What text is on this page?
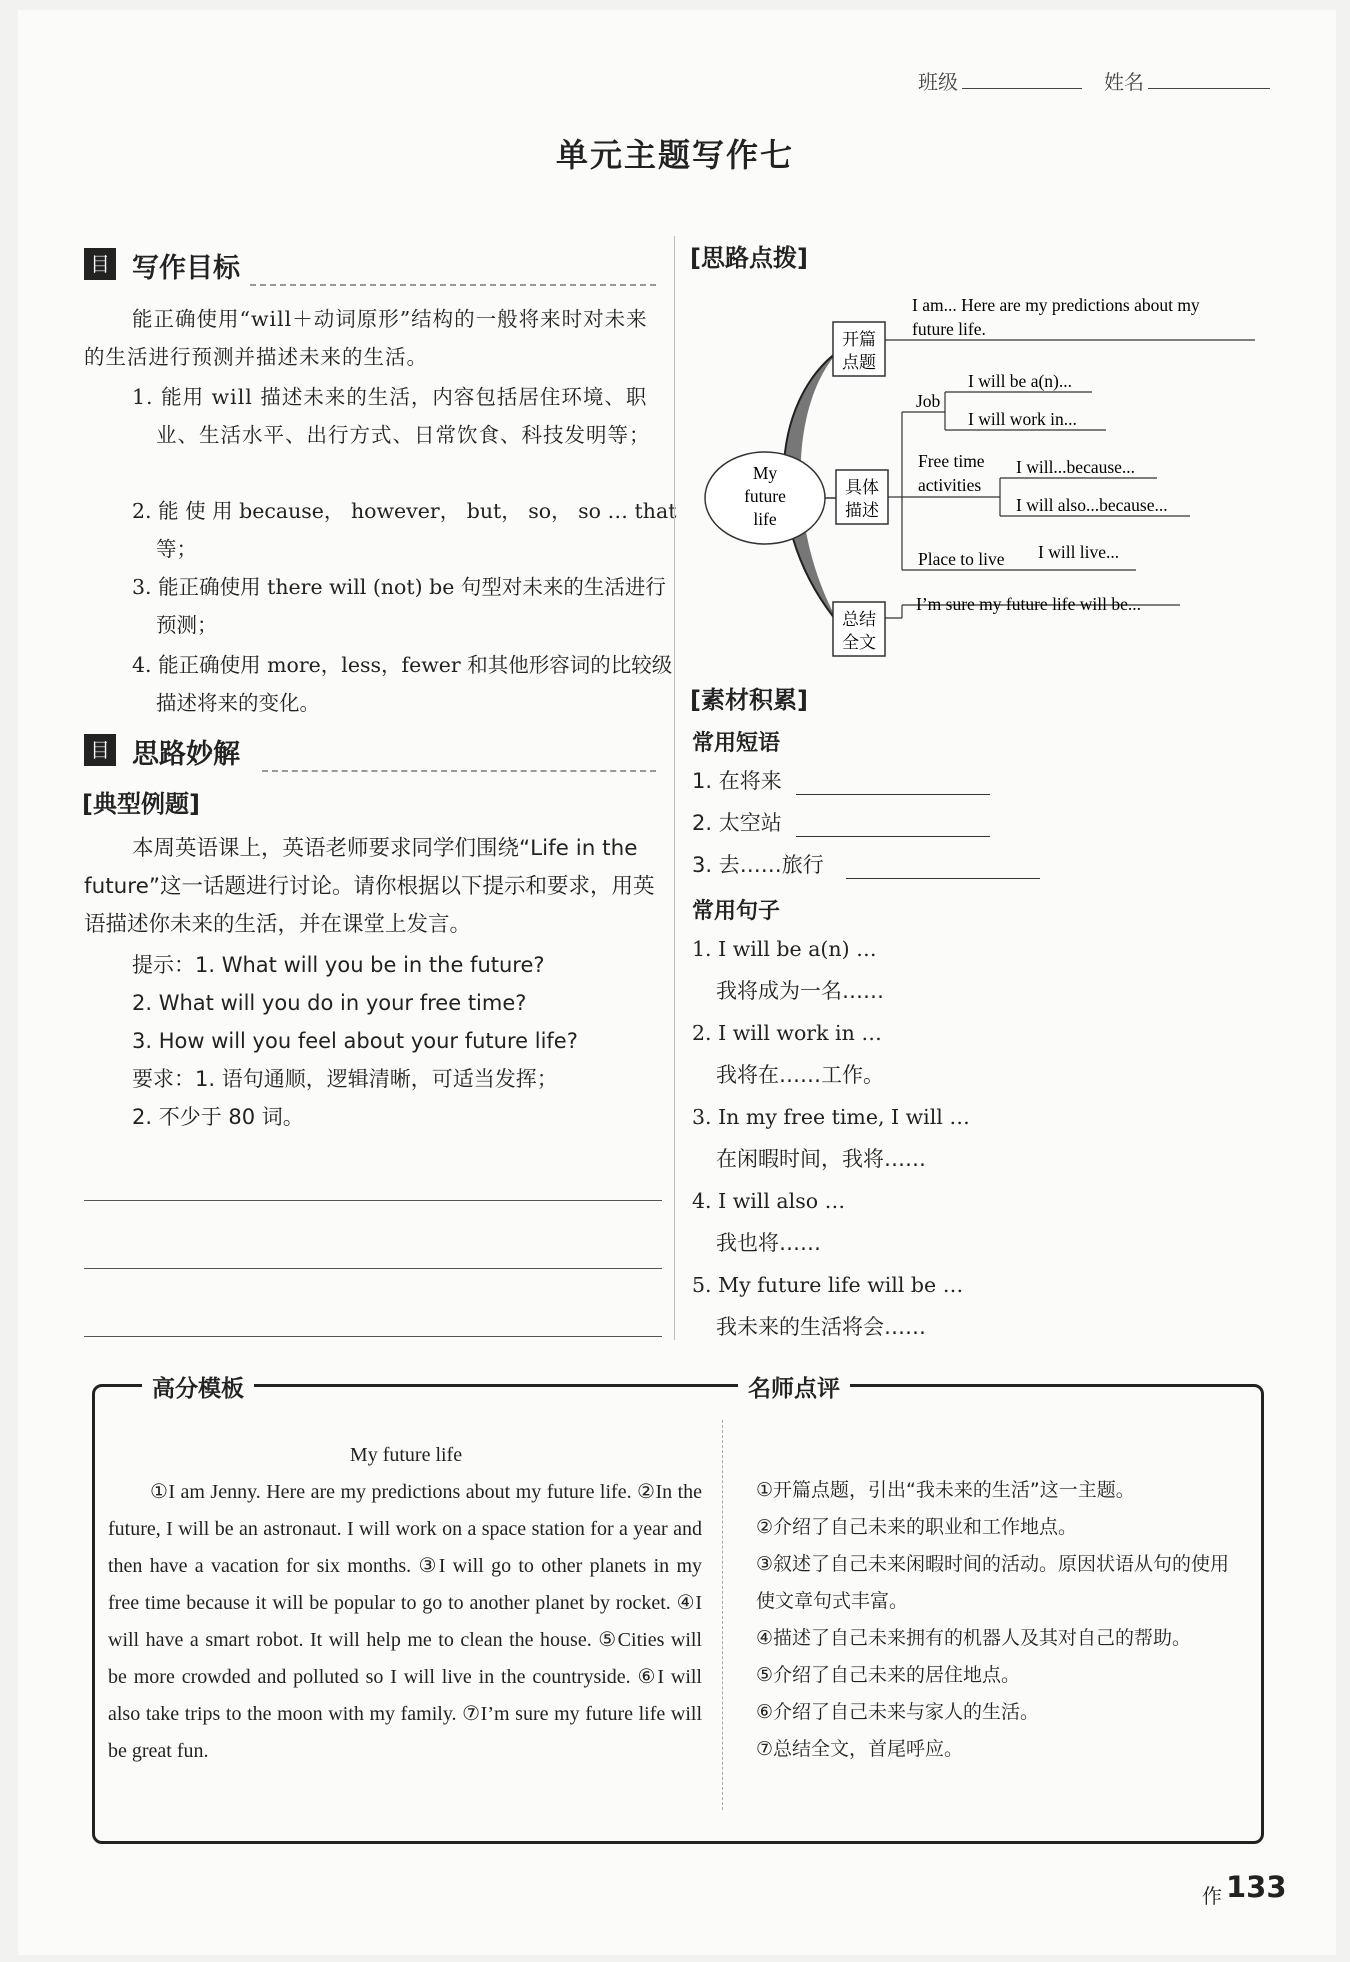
班级	姓名
单元主题写作七
目 写作目标
能正确使用“will＋动词原形”结构的一般将来时对未来的生活进行预测并描述未来的生活。
1. 能用 will 描述未来的生活，内容包括居住环境、职业、生活水平、出行方式、日常饮食、科技发明等；
2. 能 使 用 because， however， but， so， so … that 等；
3. 能正确使用 there will (not) be 句型对未来的生活进行预测；
4. 能正确使用 more，less，fewer 和其他形容词的比较级描述将来的变化。
目 思路妙解
[典型例题]
本周英语课上，英语老师要求同学们围绕“Life in the future”这一话题进行讨论。请你根据以下提示和要求，用英语描述你未来的生活，并在课堂上发言。
提示：1. What will you be in the future?
2. What will you do in your free time?
3. How will you feel about your future life?
要求：1. 语句通顺，逻辑清晰，可适当发挥；
2. 不少于 80 词。
[思路点拨]
My
future
life
开篇
点题
具体
描述
总结
全文
I am... Here are my predictions about my
future life.
Job
I will be a(n)...
I will work in...
Free time
activities
I will...because...
I will also...because...
Place to live I will live...
I’m sure my future life will be...
[素材积累]
常用短语
1. 在将来
2. 太空站
3. 去……旅行
常用句子
1. I will be a(n) …
我将成为一名……
2. I will work in …
我将在……工作。
3. In my free time, I will …
在闲暇时间，我将……
4. I will also …
我也将……
5. My future life will be …
我未来的生活将会……
高分模板	名师点评
My future life
①I am Jenny. Here are my predictions about my future life. ②In the future, I will be an astronaut. I will work on a space station for a year and then have a vacation for six months. ③I will go to other planets in my free time because it will be popular to go to another planet by rocket. ④I will have a smart robot. It will help me to clean the house. ⑤Cities will be more crowded and polluted so I will live in the countryside. ⑥I will also take trips to the moon with my family. ⑦I’m sure my future life will be great fun.
①开篇点题，引出“我未来的生活”这一主题。
②介绍了自己未来的职业和工作地点。
③叙述了自己未来闲暇时间的活动。原因状语从句的使用使文章句式丰富。
④描述了自己未来拥有的机器人及其对自己的帮助。
⑤介绍了自己未来的居住地点。
⑥介绍了自己未来与家人的生活。
⑦总结全文，首尾呼应。
作 133
